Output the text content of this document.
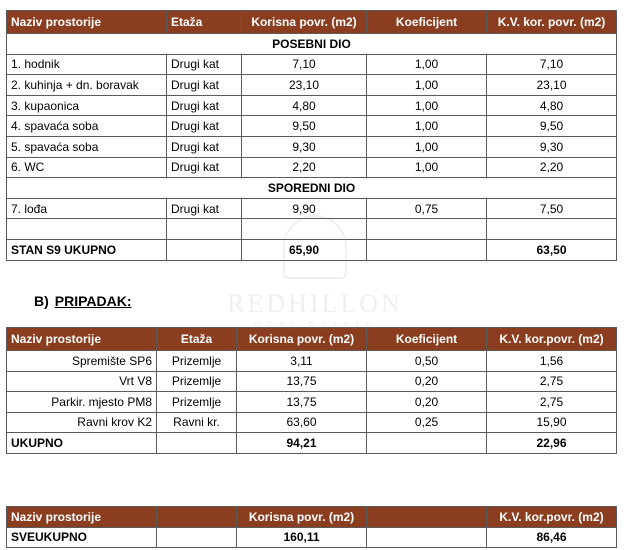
Naziv prostorije	Etaža	Korisna povr. (m2)	Koeficijent	K.V. kor. povr. (m2)
POSEBNI DIO				
1. hodnik	Drugi kat	7,10	1,00	7,10
2. kuhinja + dn. boravak	Drugi kat	23,10	1,00	23,10
3. kupaonica	Drugi kat	4,80	1,00	4,80
4. spavaća soba	Drugi kat	9,50	1,00	9,50
5. spavaća soba	Drugi kat	9,30	1,00	9,30
6. WC	Drugi kat	2,20	1,00	2,20
SPOREDNI DIO				
7. lođa	Drugi kat	9,90	0,75	7,50

STAN S9 UKUPNO		65,90		63,50
B) PRIPADAK:
Naziv prostorije	Etaža	Korisna povr. (m2)	Koeficijent	K.V. kor.povr. (m2)
Spremište SP6	Prizemlje	3,11	0,50	1,56
Vrt V8	Prizemlje	13,75	0,20	2,75
Parkir. mjesto PM8	Prizemlje	13,75	0,20	2,75
Ravni krov K2	Ravni kr.	63,60	0,25	15,90
UKUPNO		94,21		22,96
Naziv prostorije		Korisna povr. (m2)		K.V. kor.povr. (m2)
SVEUKUPNO		160,11		86,46
REDHILLON
REAL ESTATE
